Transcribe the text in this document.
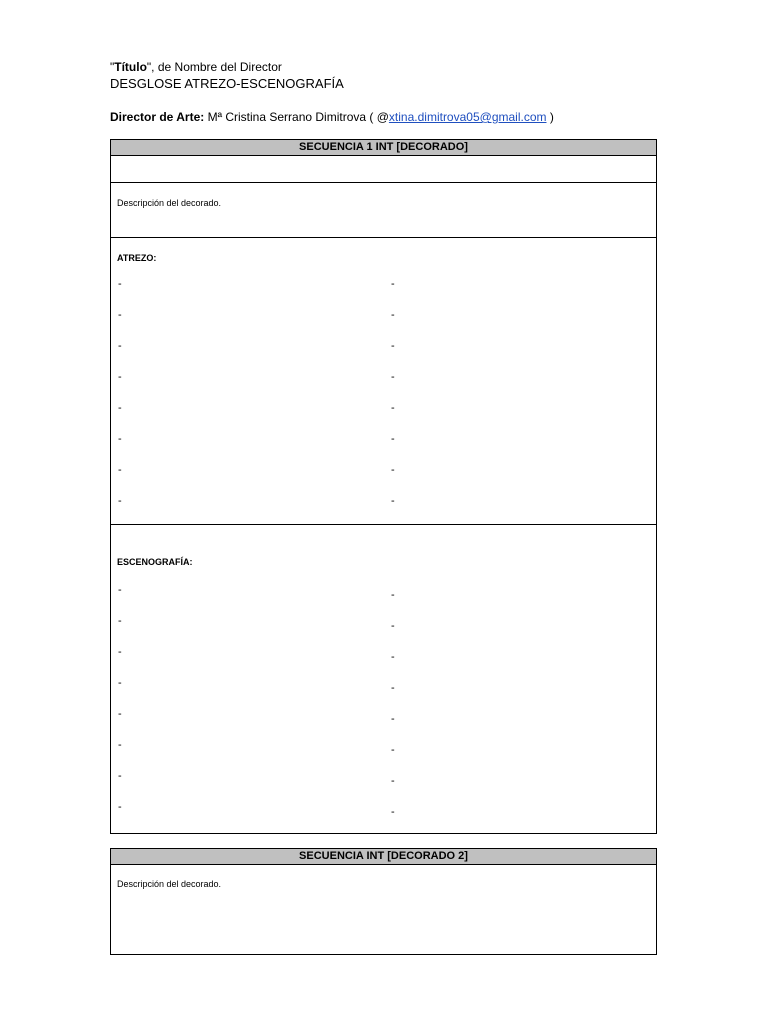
"Título", de Nombre del Director
DESGLOSE ATREZO-ESCENOGRAFÍA
Director de Arte: Mª Cristina Serrano Dimitrova ( @xtina.dimitrova05@gmail.com )
SECUENCIA 1 INT [DECORADO]
Descripción del decorado.
ATREZO:
-
-
-
-
-
-
-
-
-
-
-
-
-
-
-
-
ESCENOGRAFÍA:
-
-
-
-
-
-
-
-
-
-
-
-
-
-
-
-
SECUENCIA INT [DECORADO 2]
Descripción del decorado.
